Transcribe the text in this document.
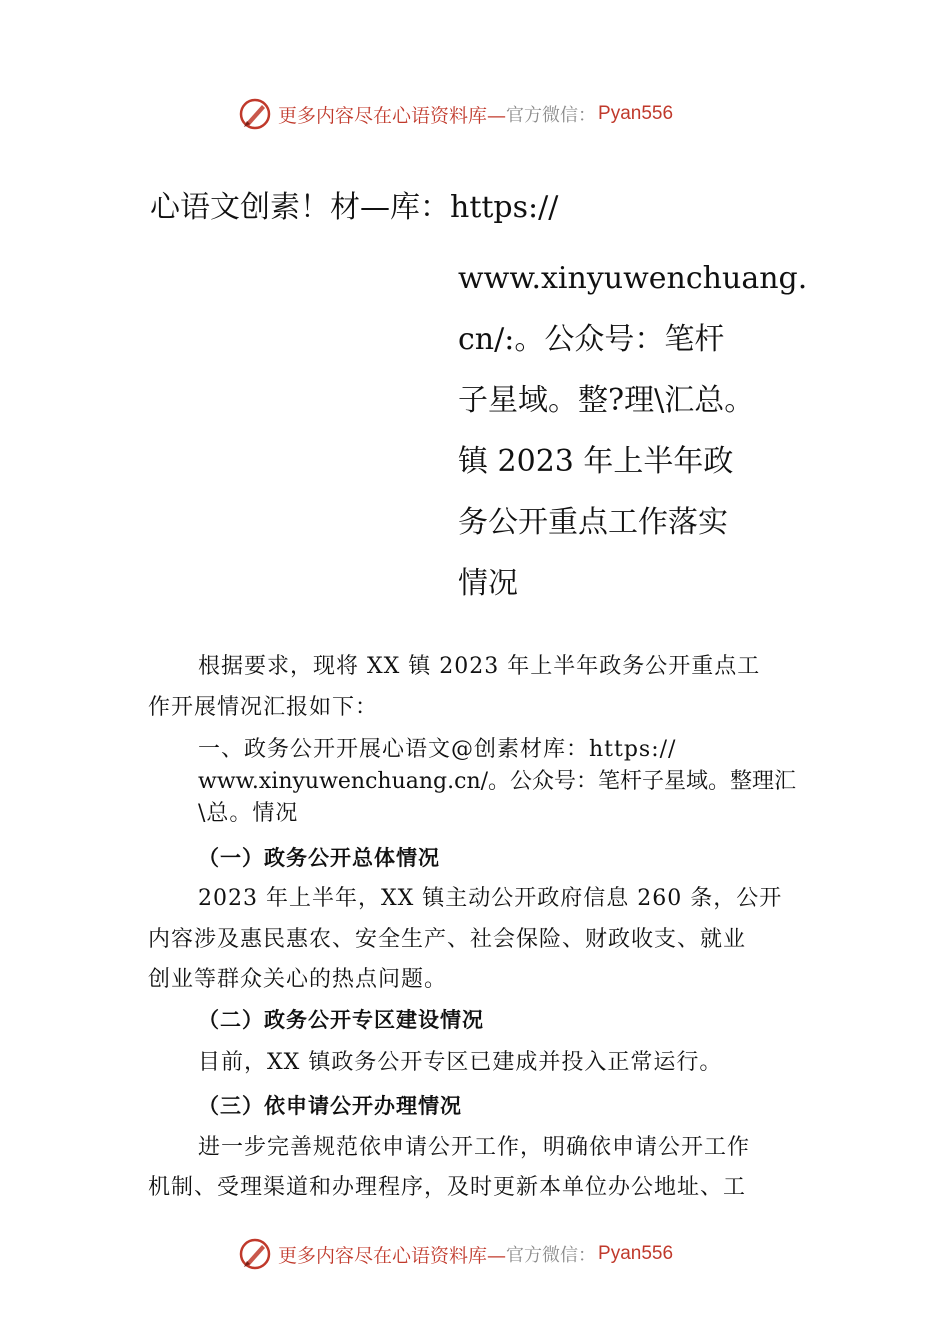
更多内容尽在心语资料库— 官方微信： Pyan556
心语文创素！材—库：https://
www.xinyuwenchuang.
cn/:。公众号：笔杆
子星域。整?理\汇总。
镇 2023 年上半年政
务公开重点工作落实
情况
根据要求，现将 XX 镇 2023 年上半年政务公开重点工
作开展情况汇报如下：
一、政务公开开展心语文@创素材库：https://
www.xinyuwenchuang.cn/。公众号：笔杆子星域。整理汇
\总。情况
（一）政务公开总体情况
2023 年上半年，XX 镇主动公开政府信息 260 条，公开
内容涉及惠民惠农、安全生产、社会保险、财政收支、就业
创业等群众关心的热点问题。
（二）政务公开专区建设情况
目前，XX 镇政务公开专区已建成并投入正常运行。
（三）依申请公开办理情况
进一步完善规范依申请公开工作，明确依申请公开工作
机制、受理渠道和办理程序，及时更新本单位办公地址、工
更多内容尽在心语资料库— 官方微信： Pyan556
